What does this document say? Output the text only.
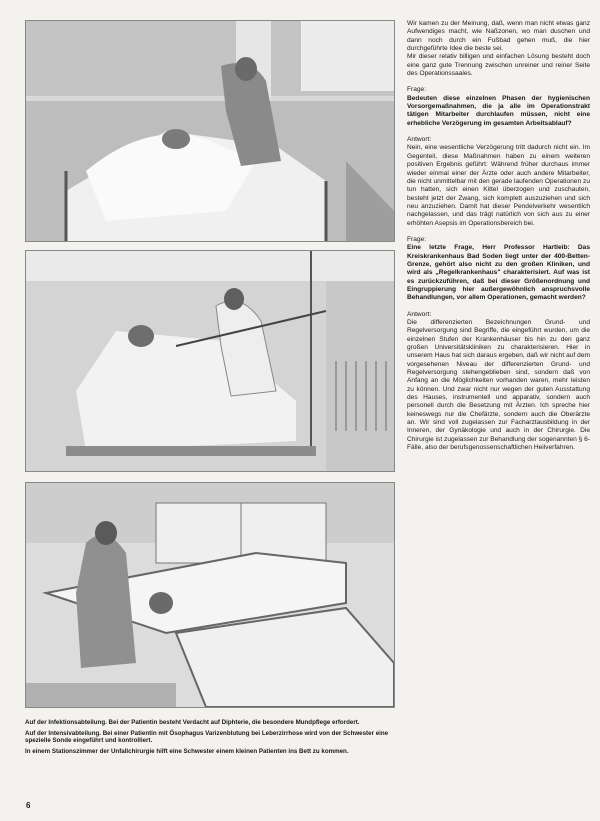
Auf der Infektionsabteilung. Bei der Patientin besteht Verdacht auf Diphterie, die besondere Mundpflege erfordert.

Auf der Intensivabteilung. Bei einer Patientin mit Ösophagus Varizenblutung bei Leberzirrhose wird von der Schwester eine spezielle Sonde eingeführt und kontrolliert.

In einem Stationszimmer der Unfallchirurgie hilft eine Schwester einem kleinen Patienten ins Bett zu kommen.

Wir kamen zu der Meinung, daß, wenn man nicht etwas ganz Aufwendiges macht, wie Naßzonen, wo man duschen und dann noch durch ein Fußbad gehen muß, die hier durchgeführte Idee die beste sei.

Mir dieser relativ billigen und einfachen Lösung besteht doch eine ganz gute Trennung zwischen unreiner und reiner Seite des Operationssaales.

Frage:

Bedeuten diese einzelnen Phasen der hygienischen Vorsorgemaßnahmen, die ja alle im Operationstrakt tätigen Mitarbeiter durchlaufen müssen, nicht eine erhebliche Verzögerung im gesamten Arbeitsablauf?

Antwort:

Nein, eine wesentliche Verzögerung tritt dadurch nicht ein. Im Gegenteil, diese Maßnahmen haben zu einem weiteren positiven Ergebnis geführt: Während früher durchaus immer wieder einmal einer der Ärzte oder auch andere Mitarbeiter, die nicht unmittelbar mit den gerade laufenden Operationen zu tun hatten, sich einen Kittel überzogen und zuschauten, besteht jetzt der Zwang, sich komplett auszuziehen und sich neu anzuziehen. Damit hat dieser Pendelverkehr wesentlich nachgelassen, und das trägt natürlich von sich aus zu einer erhöhten Asepsis im Operationsbereich bei.

Frage:

Eine letzte Frage, Herr Professor Hartleib: Das Kreiskrankenhaus Bad Soden liegt unter der 400-Betten-Grenze, gehört also nicht zu den großen Kliniken, und wird als „Regelkrankenhaus" charakterisiert. Auf was ist es zurückzuführen, daß bei dieser Größenordnung und Eingruppierung hier außergewöhnlich anspruchsvolle Behandlungen, vor allem Operationen, gemacht werden?

Antwort:

Die differenzierten Bezeichnungen Grund- und Regelversorgung sind Begriffe, die eingeführt wurden, um die einzelnen Stufen der Krankenhäuser bis hin zu den ganz großen Universitätskliniken zu charakterisieren. Hier in unserem Haus hat sich daraus ergeben, daß wir nicht auf dem vorgesehenen Niveau der differenzierten Grund- und Regelversorgung stehengeblieben sind, sondern daß von Anfang an die Möglichkeiten vorhanden waren, mehr leisten zu können. Und zwar nicht nur wegen der guten Ausstattung des Hauses, instrumentell und apparativ, sondern auch personell durch die Besetzung mit Ärzten. Ich spreche hier keineswegs nur die Chefärzte, sondern auch die Oberärzte an. Wir sind voll zugelassen zur Facharztausbildung in der Inneren, der Gynäkologie und auch in der Chirurgie. Die Chirurgie ist zugelassen zur Behandlung der sogenannten § 6-Fälle, also der berufsgenossenschaftlichen Heilverfahren.

6
